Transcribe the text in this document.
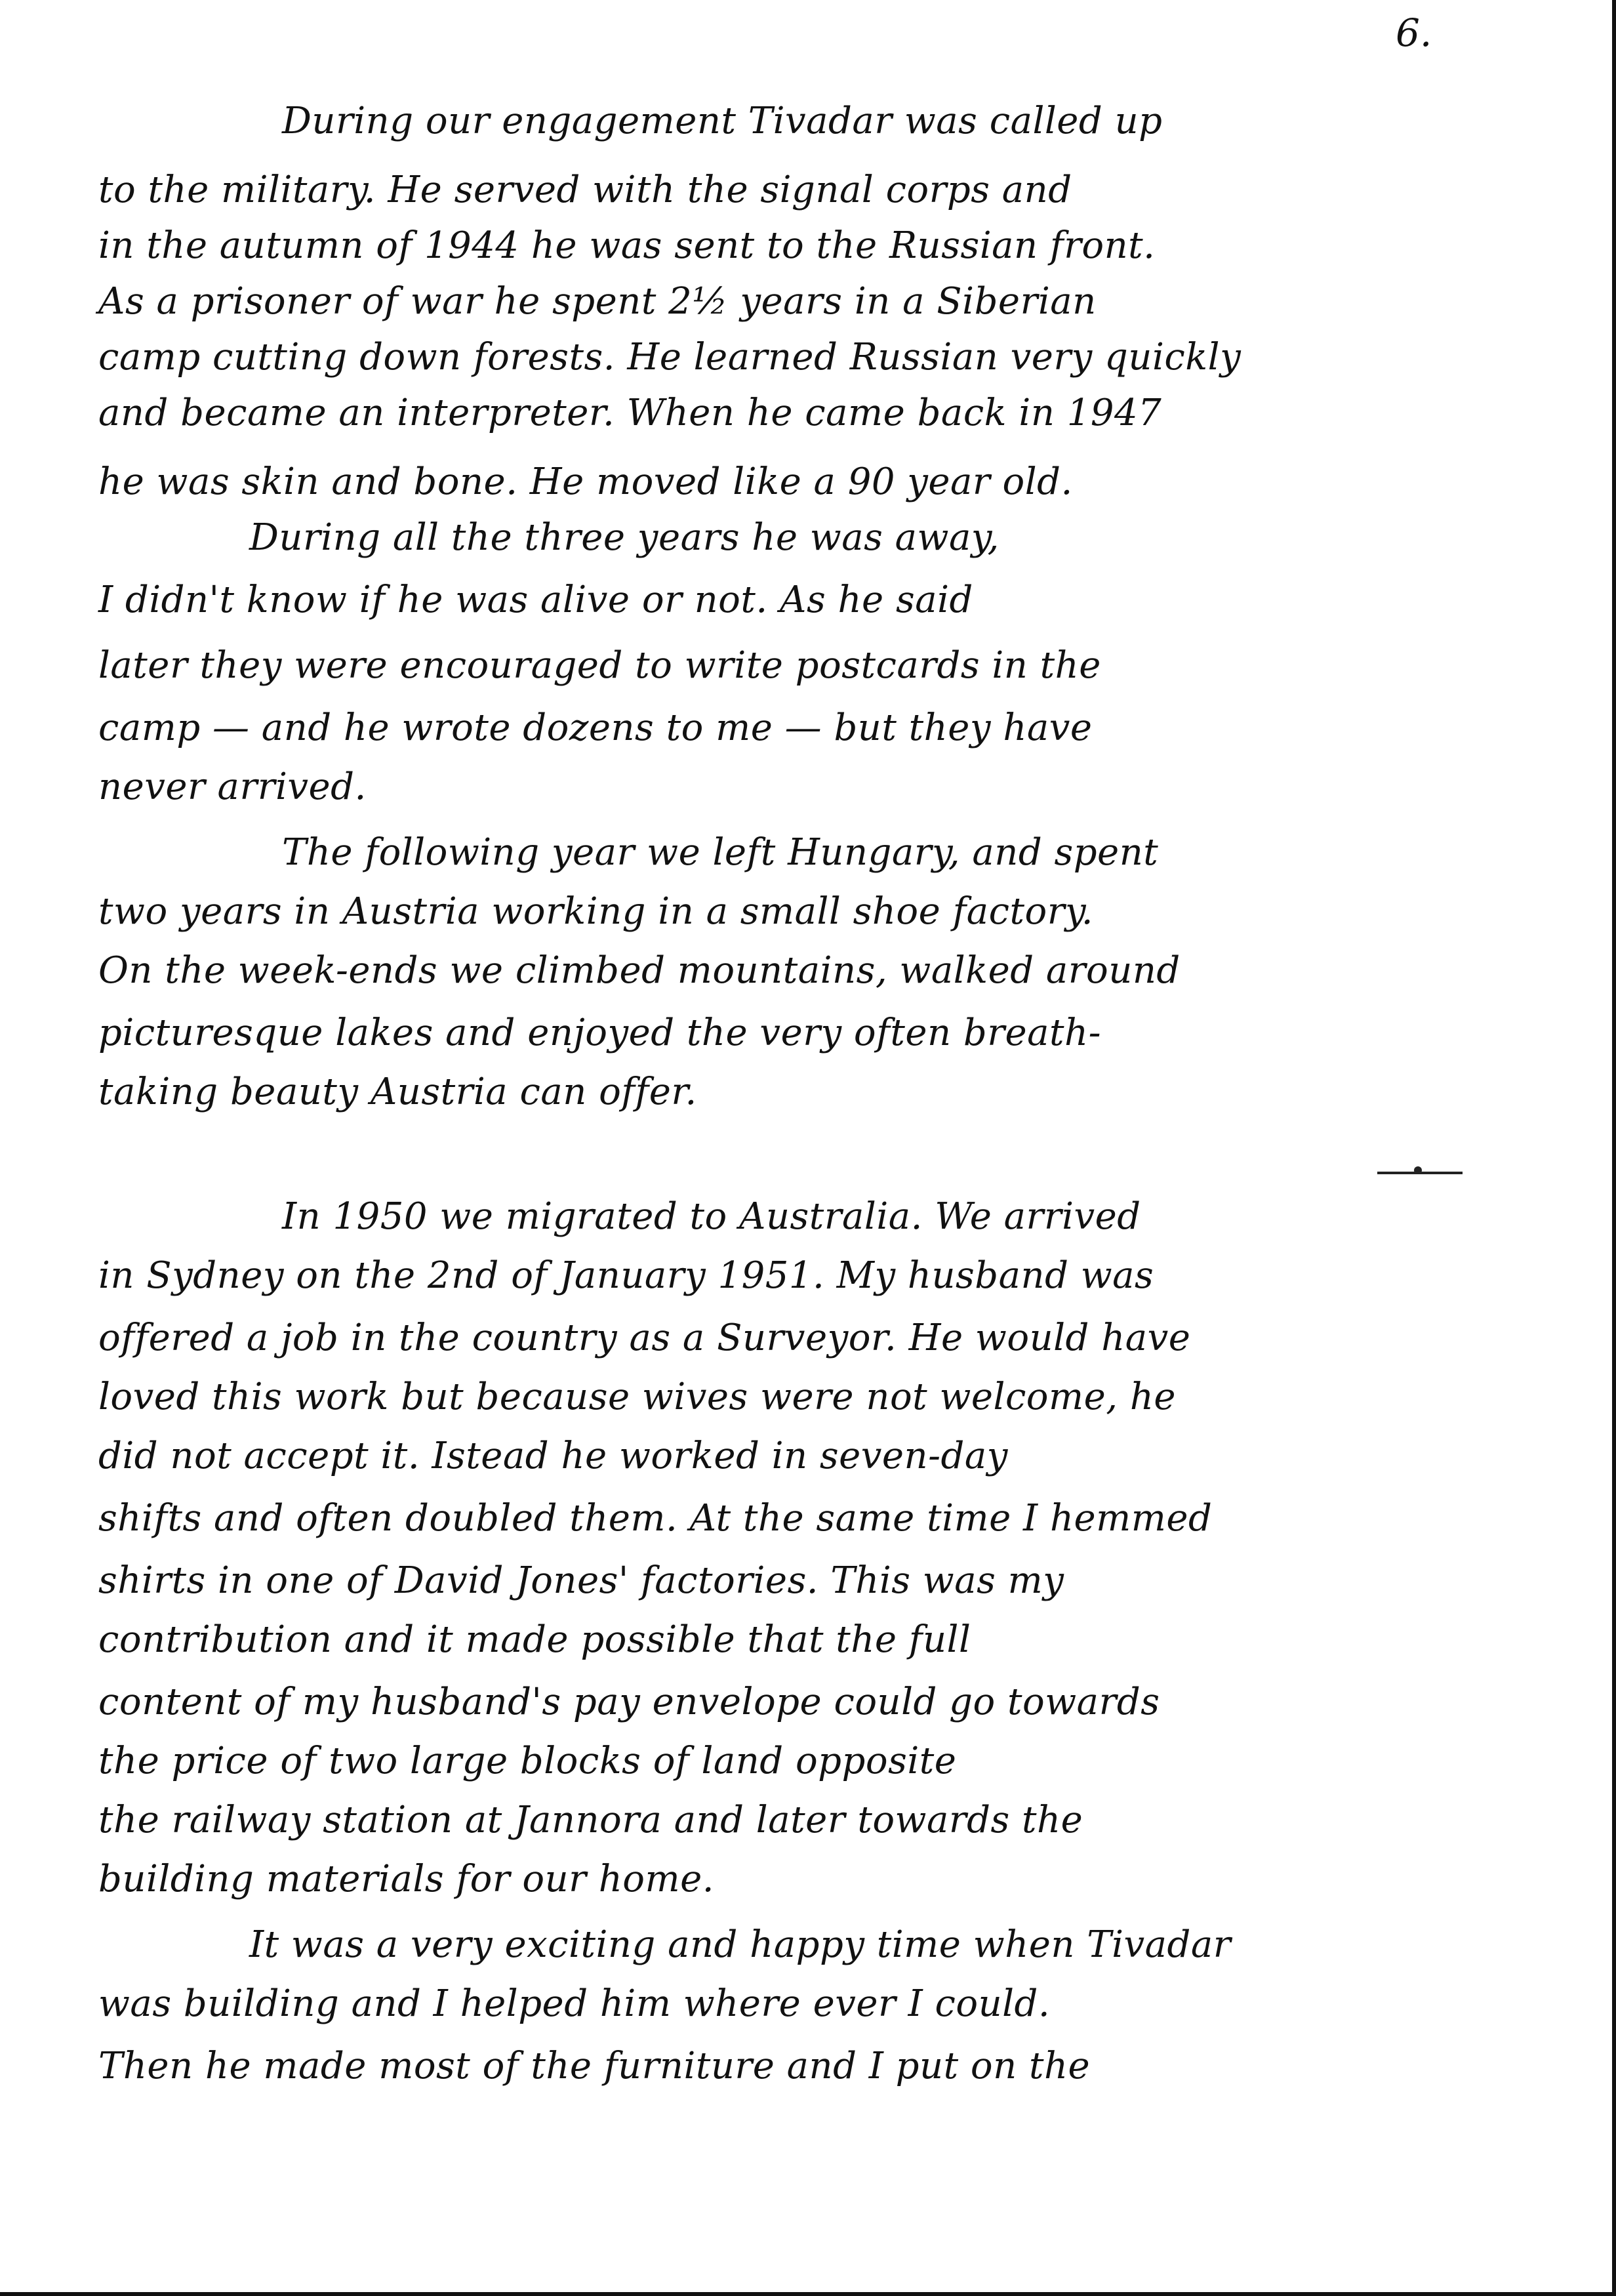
6.

During our engagement Tivadar was called up

to the military. He served with the signal corps and

in the autumn of 1944 he was sent to the Russian front.

As a prisoner of war he spent 2½ years in a Siberian

camp cutting down forests. He learned Russian very quickly

and became an interpreter. When he came back in 1947

he was skin and bone. He moved like a 90 year old.

During all the three years he was away,

I didn't know if he was alive or not. As he said

later they were encouraged to write postcards in the

camp — and he wrote dozens to me — but they have

never arrived.

The following year we left Hungary, and spent

two years in Austria working in a small shoe factory.

On the week-ends we climbed mountains, walked around

picturesque lakes and enjoyed the very often breath-

taking beauty Austria can offer.

In 1950 we migrated to Australia. We arrived

in Sydney on the 2nd of January 1951. My husband was

offered a job in the country as a Surveyor. He would have

loved this work but because wives were not welcome, he

did not accept it. Istead he worked in seven-day

shifts and often doubled them. At the same time I hemmed

shirts in one of David Jones' factories. This was my

contribution and it made possible that the full

content of my husband's pay envelope could go towards

the price of two large blocks of land opposite

the railway station at Jannora and later towards the

building materials for our home.

It was a very exciting and happy time when Tivadar

was building and I helped him where ever I could.

Then he made most of the furniture and I put on the
